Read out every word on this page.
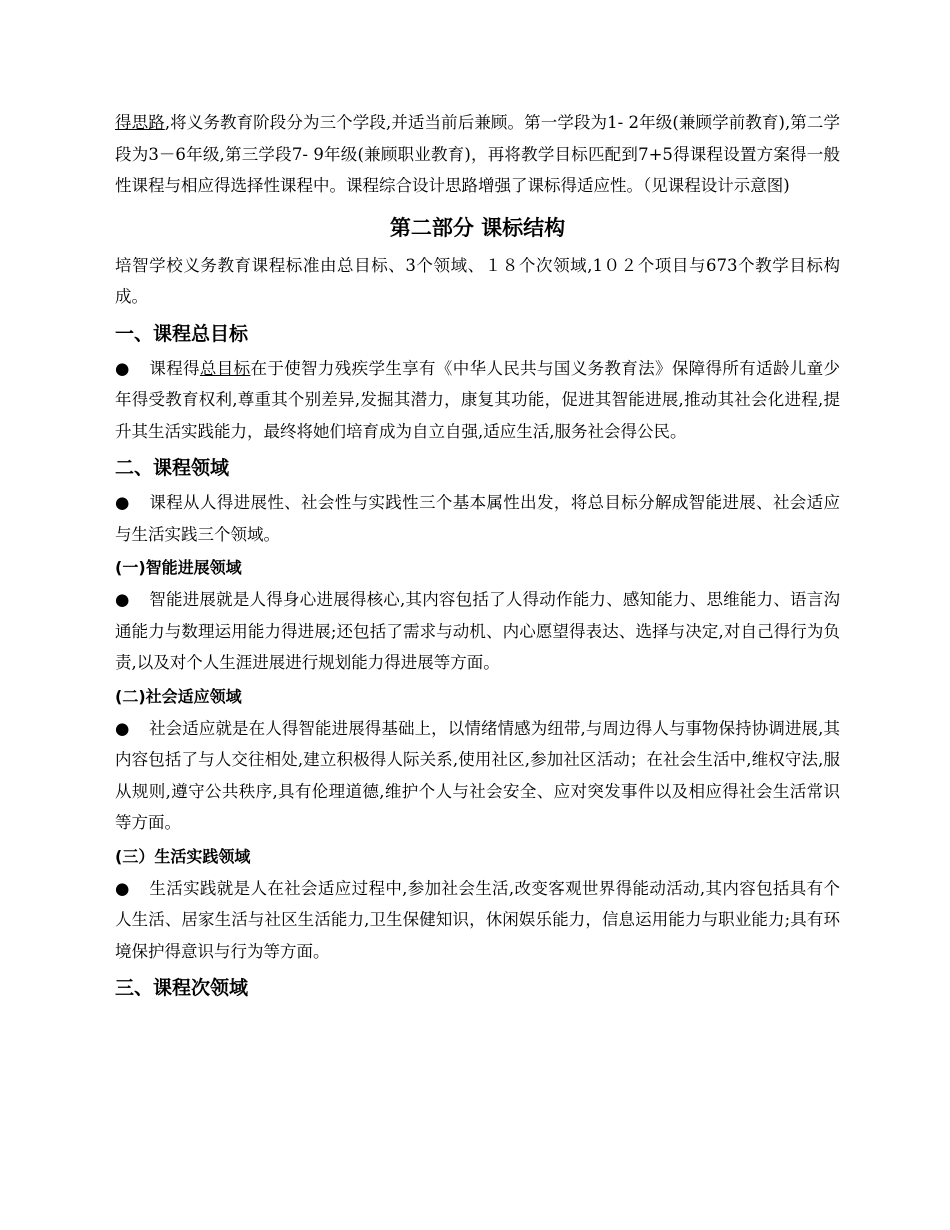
得思路,将义务教育阶段分为三个学段,并适当前后兼顾。第一学段为1- 2年级(兼顾学前教育),第二学段为3－6年级,第三学段7- 9年级(兼顾职业教育)，再将教学目标匹配到7+5得课程设置方案得一般性课程与相应得选择性课程中。课程综合设计思路增强了课标得适应性。（见课程设计示意图)

第二部分 课标结构

培智学校义务教育课程标准由总目标、3个领域、１８个次领域,1０２个项目与673个教学目标构成。

一、课程总目标

● 课程得总目标在于使智力残疾学生享有《中华人民共与国义务教育法》保障得所有适龄儿童少年得受教育权利,尊重其个别差异,发掘其潜力，康复其功能，促进其智能进展,推动其社会化进程,提升其生活实践能力，最终将她们培育成为自立自强,适应生活,服务社会得公民。

二、课程领域

● 课程从人得进展性、社会性与实践性三个基本属性出发，将总目标分解成智能进展、社会适应与生活实践三个领域。

(一)智能进展领域

● 智能进展就是人得身心进展得核心,其内容包括了人得动作能力、感知能力、思维能力、语言沟通能力与数理运用能力得进展;还包括了需求与动机、内心愿望得表达、选择与决定,对自己得行为负责,以及对个人生涯进展进行规划能力得进展等方面。

(二)社会适应领域

● 社会适应就是在人得智能进展得基础上，以情绪情感为纽带,与周边得人与事物保持协调进展,其内容包括了与人交往相处,建立积极得人际关系,使用社区,参加社区活动；在社会生活中,维权守法,服从规则,遵守公共秩序,具有伦理道德,维护个人与社会安全、应对突发事件以及相应得社会生活常识等方面。

(三）生活实践领域

● 生活实践就是人在社会适应过程中,参加社会生活,改变客观世界得能动活动,其内容包括具有个人生活、居家生活与社区生活能力,卫生保健知识，休闲娱乐能力，信息运用能力与职业能力;具有环境保护得意识与行为等方面。

三、课程次领域
